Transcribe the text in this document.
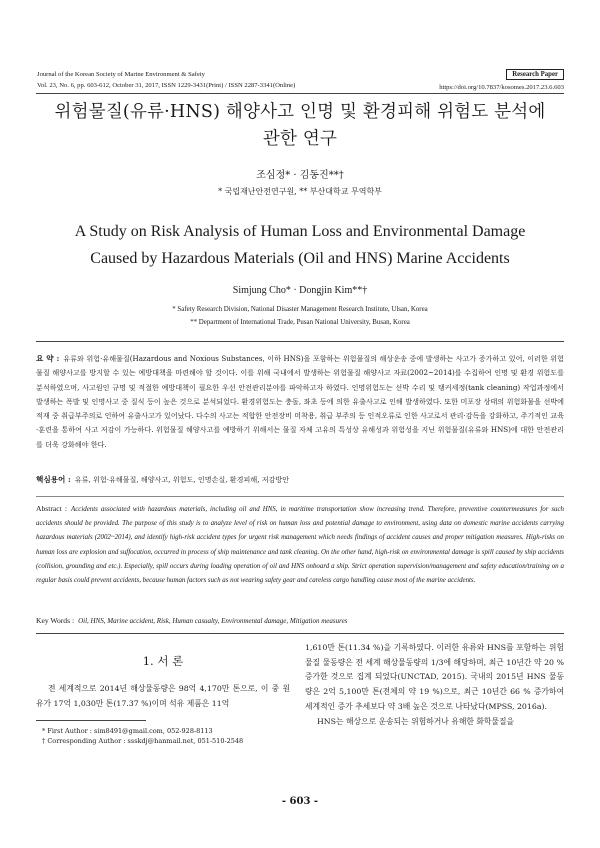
Journal of the Korean Society of Marine Environment & Safety
Vol. 23, No. 6, pp. 603-612, October 31, 2017, ISSN 1229-3431(Print) / ISSN 2287-3341(Online)
Research Paper
https://doi.org/10.7837/kosomes.2017.23.6.603
위험물질(유류·HNS) 해양사고 인명 및 환경피해 위험도 분석에
관한 연구
조심정* · 김동진**†
* 국립재난안전연구원, ** 부산대학교 무역학부
A Study on Risk Analysis of Human Loss and Environmental Damage
Caused by Hazardous Materials (Oil and HNS) Marine Accidents
Simjung Cho* · Dongjin Kim**†
* Safety Research Division, National Disaster Management Research Institute, Ulsan, Korea
** Department of International Trade, Pusan National University, Busan, Korea
요 약 : 유류와 위험·유해물질(Hazardous and Noxious Substances, 이하 HNS)을 포함하는 위험물질의 해상운송 중에 발생하는 사고가 증가하고 있어, 이러한 위험물질 해양사고를 방지할 수 있는 예방대책을 마련해야 할 것이다. 이를 위해 국내에서 발생하는 위험물질 해양사고 자료(2002~2014)를 수집하여 인명 및 환경 위험도를 분석하였으며, 사고원인 규명 및 적절한 예방대책이 필요한 우선 안전관리분야를 파악하고자 하였다. 인명위험도는 선박 수리 및 탱커세정(tank cleaning) 작업과정에서 발생하는 폭발 및 인명사고 중 질식 등이 높은 것으로 분석되었다. 환경위험도는 충돌, 좌초 등에 의한 유출사고로 인해 발생하였다. 또한 미포장 상태의 위험화물을 선박에 적재 중 취급부주의로 인하여 유출사고가 있어났다. 다수의 사고는 적합한 안전장비 미착용, 취급 부주의 등 인적오류로 인한 사고로서 관리·감독을 강화하고, 주기적인 교육·훈련을 통하여 사고 저감이 가능하다. 위험물질 해양사고를 예방하기 위해서는 물질 자체 고유의 특성상 유해성과 위험성을 지닌 위험물질(유류와 HNS)에 대한 안전관리를 더욱 강화해야 한다.
핵심용어 : 유류, 위험·유해물질, 해양사고, 위험도, 인명손실, 환경피해, 저감방안
Abstract : Accidents associated with hazardous materials, including oil and HNS, in maritime transportation show increasing trend. Therefore, preventive countermeasures for such accidents should be provided. The purpose of this study is to analyze level of risk on human loss and potential damage to environment, using data on domestic marine accidents carrying hazardous materials (2002~2014), and identify high-risk accident types for urgent risk management which needs findings of accident causes and proper mitigation measures. High-risks on human loss are explosion and suffocation, occurred in process of ship maintenance and tank cleaning. On the other hand, high-risk on environmental damage is spill caused by ship accidents (collision, grounding and etc.). Especially, spill occurs during loading operation of oil and HNS onboard a ship. Strict operation supervision/management and safety education/training on a regular basis could prevent accidents, because human factors such as not wearing safety gear and careless cargo handling cause most of the marine accidents.
Key Words : Oil, HNS, Marine accident, Risk, Human casualty, Environmental damage, Mitigation measures
1. 서 론

전 세계적으로 2014년 해상물동량은 98억 4,170만 톤으로, 이 중 원유가 17억 1,030만 톤(17.37 %)이며 석유 제품은 11억

* First Author : sim8491@gmail.com, 052-928-8113
† Corresponding Author : ssskdj@hanmail.net, 051-510-2548

1,610만 톤(11.34 %)을 기록하였다. 이러한 유류와 HNS를 포함하는 위험물질 물동량은 전 세계 해상물동량의 1/3에 해당하며, 최근 10년간 약 20 % 증가한 것으로 집계 되었다(UNCTAD, 2015). 국내의 2015년 HNS 물동량은 2억 5,100만 톤(전체의 약 19 %)으로, 최근 10년간 66 % 증가하여 세계적인 증가 추세보다 약 3배 높은 것으로 나타났다(MPSS, 2016a).

HNS는 해상으로 운송되는 위험하거나 유해한 화학물질을

- 603 -
